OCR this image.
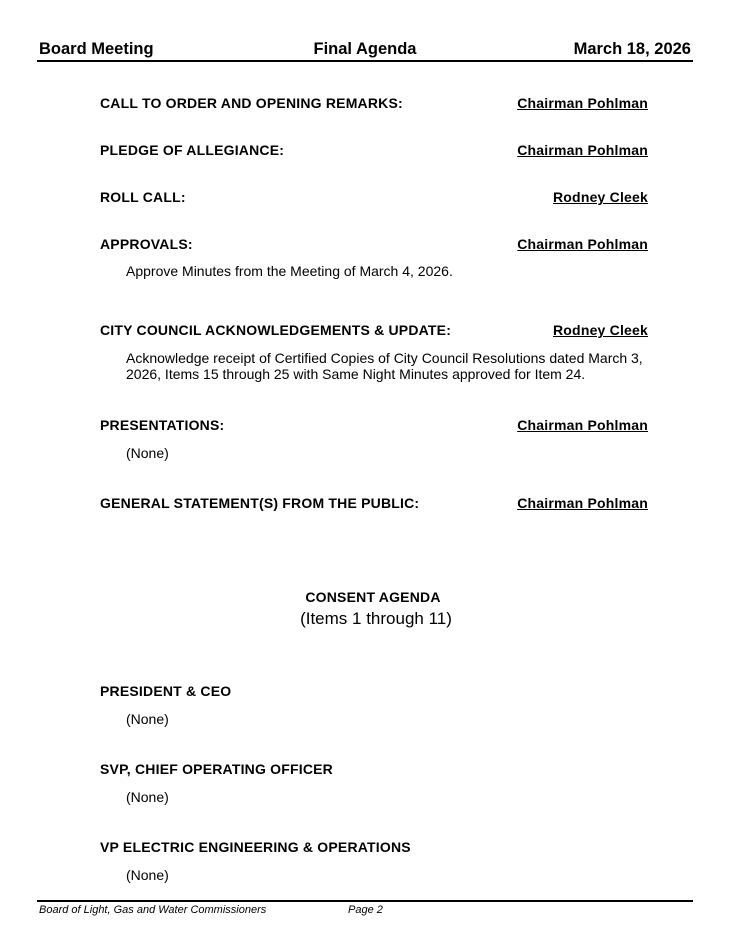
Board Meeting	Final Agenda	March 18, 2026
CALL TO ORDER AND OPENING REMARKS:	Chairman Pohlman
PLEDGE OF ALLEGIANCE:	Chairman Pohlman
ROLL CALL:	Rodney Cleek
APPROVALS:	Chairman Pohlman
Approve Minutes from the Meeting of March 4, 2026.
CITY COUNCIL ACKNOWLEDGEMENTS & UPDATE:	Rodney Cleek
Acknowledge receipt of Certified Copies of City Council Resolutions dated March 3, 2026, Items 15 through 25 with Same Night Minutes approved for Item 24.
PRESENTATIONS:	Chairman Pohlman
(None)
GENERAL STATEMENT(S) FROM THE PUBLIC:	Chairman Pohlman
CONSENT AGENDA
(Items 1 through 11)
PRESIDENT & CEO
(None)
SVP, CHIEF OPERATING OFFICER
(None)
VP ELECTRIC ENGINEERING & OPERATIONS
(None)
Board of Light, Gas and Water Commissioners	Page 2
